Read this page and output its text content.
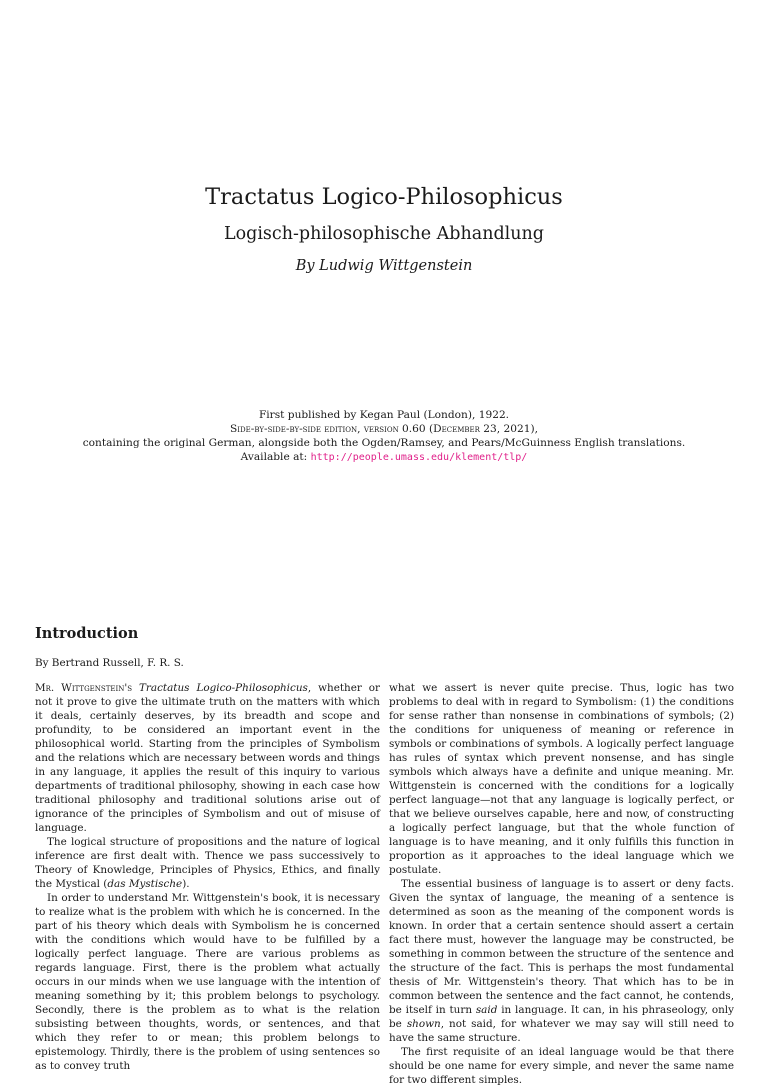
Tractatus Logico-Philosophicus
Logisch-philosophische Abhandlung
By Ludwig Wittgenstein
First published by Kegan Paul (London), 1922.
Side-by-side-by-side edition, version 0.60 (December 23, 2021),
containing the original German, alongside both the Ogden/Ramsey, and Pears/McGuinness English translations.
Available at: http://people.umass.edu/klement/tlp/
Introduction
By Bertrand Russell, F. R. S.

Mr. Wittgenstein's Tractatus Logico-Philosophicus, whether or not it prove to give the ultimate truth on the matters with which it deals, certainly deserves, by its breadth and scope and profundity, to be considered an important event in the philosophical world. Starting from the principles of Symbolism and the relations which are necessary between words and things in any language, it applies the result of this inquiry to various departments of traditional philosophy, showing in each case how traditional philosophy and traditional solutions arise out of ignorance of the principles of Symbolism and out of misuse of language.

The logical structure of propositions and the nature of logical inference are first dealt with. Thence we pass successively to Theory of Knowledge, Principles of Physics, Ethics, and finally the Mystical (das Mystische).

In order to understand Mr. Wittgenstein's book, it is necessary to realize what is the problem with which he is concerned. In the part of his theory which deals with Symbolism he is concerned with the conditions which would have to be fulfilled by a logically perfect language. There are various problems as regards language. First, there is the problem what actually occurs in our minds when we use language with the intention of meaning something by it; this problem belongs to psychology. Secondly, there is the problem as to what is the relation subsisting between thoughts, words, or sentences, and that which they refer to or mean; this problem belongs to epistemology. Thirdly, there is the problem of using sentences so as to convey truth

what we assert is never quite precise. Thus, logic has two problems to deal with in regard to Symbolism: (1) the conditions for sense rather than nonsense in combinations of symbols; (2) the conditions for uniqueness of meaning or reference in symbols or combinations of symbols. A logically perfect language has rules of syntax which prevent nonsense, and has single symbols which always have a definite and unique meaning. Mr. Wittgenstein is concerned with the conditions for a logically perfect language—not that any language is logically perfect, or that we believe ourselves capable, here and now, of constructing a logically perfect language, but that the whole function of language is to have meaning, and it only fulfills this function in proportion as it approaches to the ideal language which we postulate.

The essential business of language is to assert or deny facts. Given the syntax of language, the meaning of a sentence is determined as soon as the meaning of the component words is known. In order that a certain sentence should assert a certain fact there must, however the language may be constructed, be something in common between the structure of the sentence and the structure of the fact. This is perhaps the most fundamental thesis of Mr. Wittgenstein's theory. That which has to be in common between the sentence and the fact cannot, he contends, be itself in turn said in language. It can, in his phraseology, only be shown, not said, for whatever we may say will still need to have the same structure.

The first requisite of an ideal language would be that there should be one name for every simple, and never the same name for two different simples.
